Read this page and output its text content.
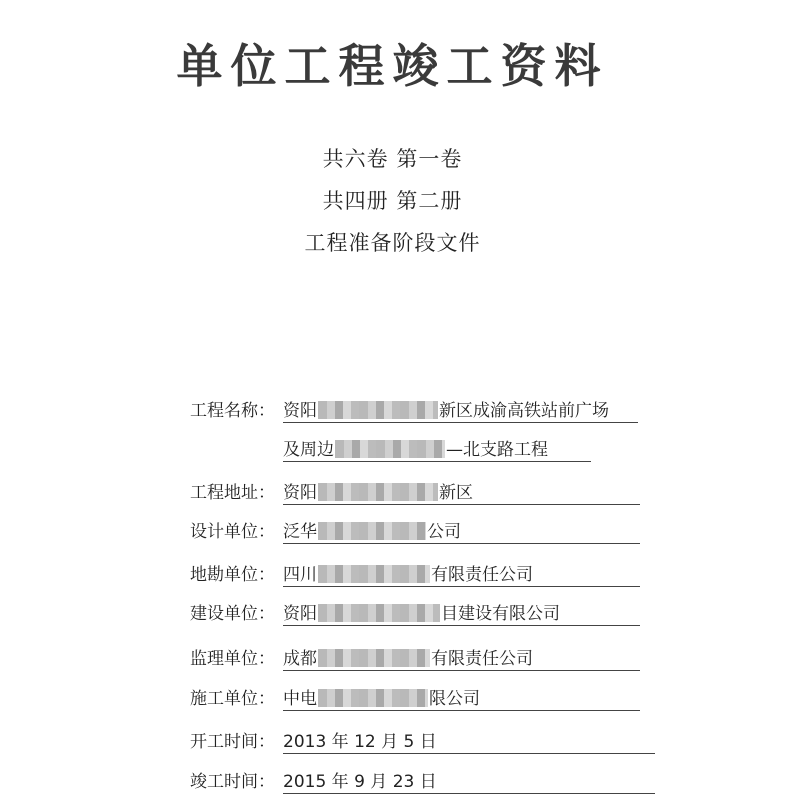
单位工程竣工资料
共六卷 第一卷
共四册 第二册
工程准备阶段文件
工程名称： 资阳	新区成渝高铁站前广场
及周边	—北支路工程
工程地址： 资阳	新区
设计单位： 泛华	公司
地勘单位： 四川	有限责任公司
建设单位： 资阳	目建设有限公司
监理单位： 成都	有限责任公司
施工单位： 中电	限公司
开工时间： 2013 年 12 月 5 日
竣工时间： 2015 年 9 月 23 日
